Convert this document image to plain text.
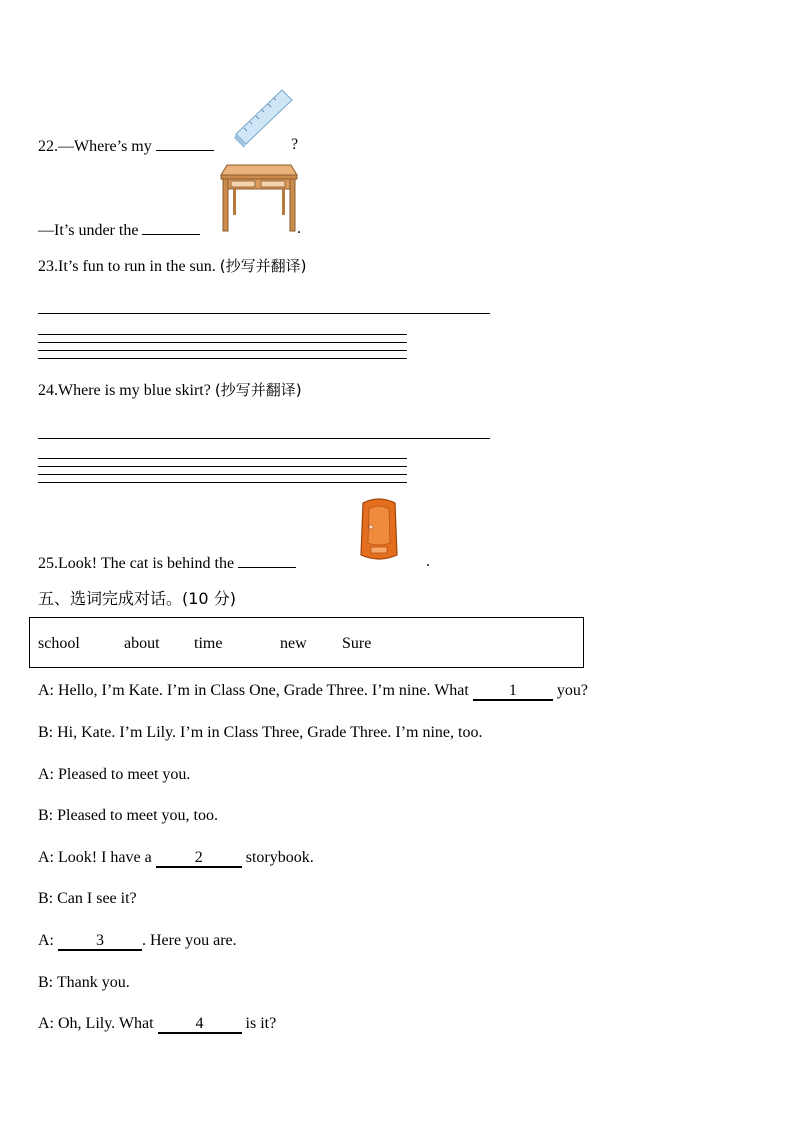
22.—Where’s my	?
—It’s under the	.
23.It’s fun to run in the sun. (抄写并翻译)
24.Where is my blue skirt? (抄写并翻译)
25.Look! The cat is behind the	.
五、选词完成对话。(10 分)
school	about time	new Sure
A: Hello, I’m Kate. I’m in Class One, Grade Three. I’m nine. What	1	you?
B: Hi, Kate. I’m Lily. I’m in Class Three, Grade Three. I’m nine, too.
A: Pleased to meet you.
B: Pleased to meet you, too.
A: Look! I have a	2	storybook.
B: Can I see it?
A:	3 . Here you are.
B: Thank you.
A: Oh, Lily. What	4	is it?
